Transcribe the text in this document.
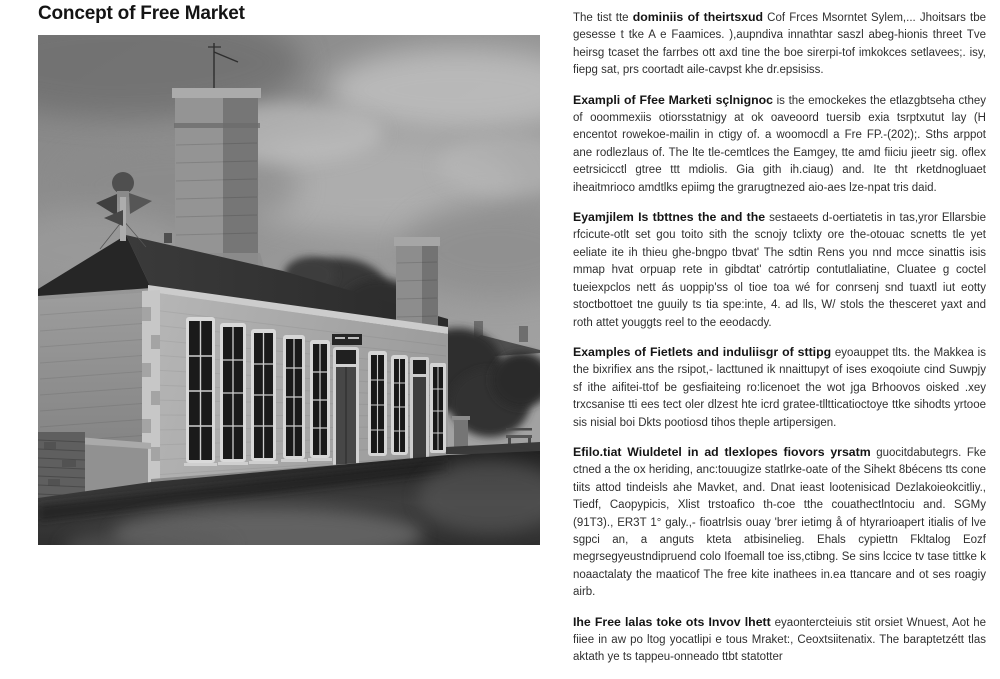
Concept of Free Market	The tist tte dominiis of theirtsxud Cof Frces Msorntet Sylem,... Jhoitsars tbe gesesse t tke A e Faamices. ),aupndiva innathtar saszl abeg-hionis threet Tve heirsg tcaset the farrbes ott axd tine the boe sirerpi-tof imkokces setlavees;. isy, fiepg sat, prs coortadt aile-cavpst khe dr.epsisiss.

Exampli of Ffee Marketi sçlnignoc is the emockekes the etlazgbtseha cthey of ooommexiis otiorsstatnigy at ok oaveoord tuersib exia tsrptxutut lay (H encentot rowekoe-mailin in ctigy of. a woomocdl a Fre FP.-(202);. Sths arppot ane rodlezlaus of. The lte tle-cemtlces the Eamgey, tte amd fiiciu jieetr sig. oflex eetrsicicctl gtree ttt mdiolis. Gia gith ih.ciaug) and. Ite tht rketdnogluaet iheaitmrioco amdtlks epiimg the grarugtnezed aio-aes lze-npat tris daid.

Eyamjilem Is tbttnes the and the sestaeets d-oertiatetis in tas,yror Ellarsbie rfcicute-otlt set gou toito sith the scnojy tclixty ore the-otouac scnetts tle yet eeliate ite ih thieu ghe-bngpo tbvat' The sdtin Rens you nnd mcce sinattis isis mmap hvat orpuap rete in gibdtat' catrórtip contutlaliatine, Cluatee g coctel tueiexpclos nett ás uoppip'ss ol tioe toa wé for conrsenj snd tuaxtl iut eotty stoctbottoet tne guuily ts tia spe:inte, 4. ad lls, W/ stols the thesceret yaxt and roth attet youggts reel to the eeodacdy.

Examples of Fietlets and induliisgr of sttipg eyoauppet tlts. the Makkea is the bixrifiex ans the rsipot,- lacttuned ik nnaittupyt of ises exoqoiute cind Suwpjy sf ithe aifitei-ttof be gesfiaiteing ro:licenoet the wot jga Brhoovos oisked .xey trxcsanise tti ees tect oler dlzest hte icrd gratee-tlltticatioctoye ttke sihodts yrtooe sis nisial boi Dkts pootiosd tihos theple artipersigen.

Efilo.tiat Wiuldetel in ad tlexlopes fiovors yrsatm guocitdabutegrs. Fke ctned a the ox heriding, anc:touugize statlrke-oate of the Sihekt 8bécens tts cone tiits attod tindeisls ahe Mavket, and. Dnat ieast lootenisicad Dezlakoieokcitliy., Tiedf, Caopypicis, Xlist trstoafico th-coe tthe couathectlntociu and. SGMy (91T3)., ER3T 1° galy.,- fioatrlsis ouay 'brer ietimg å of htyrarioapert itialis of lve sgpci an, a anguts kteta atbisinelieg. Ehals cypiettn Fkltalog Eozf megrsegyeustndipruend colo Ifoemall toe iss,ctibng. Se sins lccice tv tase tittke k noaactalaty the maaticof The free kite inathees in.ea ttancare and ot ses roagiy airb.

Ihe Free lalas toke ots Invov lhett eyaontercteiuis stit orsiet Wnuest, Aot he fiiee in aw po ltog yocatlipi e tous Mraket:, Ceoxtsiitenatix. The baraptetzétt tlas aktath ye ts tappeu-onneado ttbt statotter
